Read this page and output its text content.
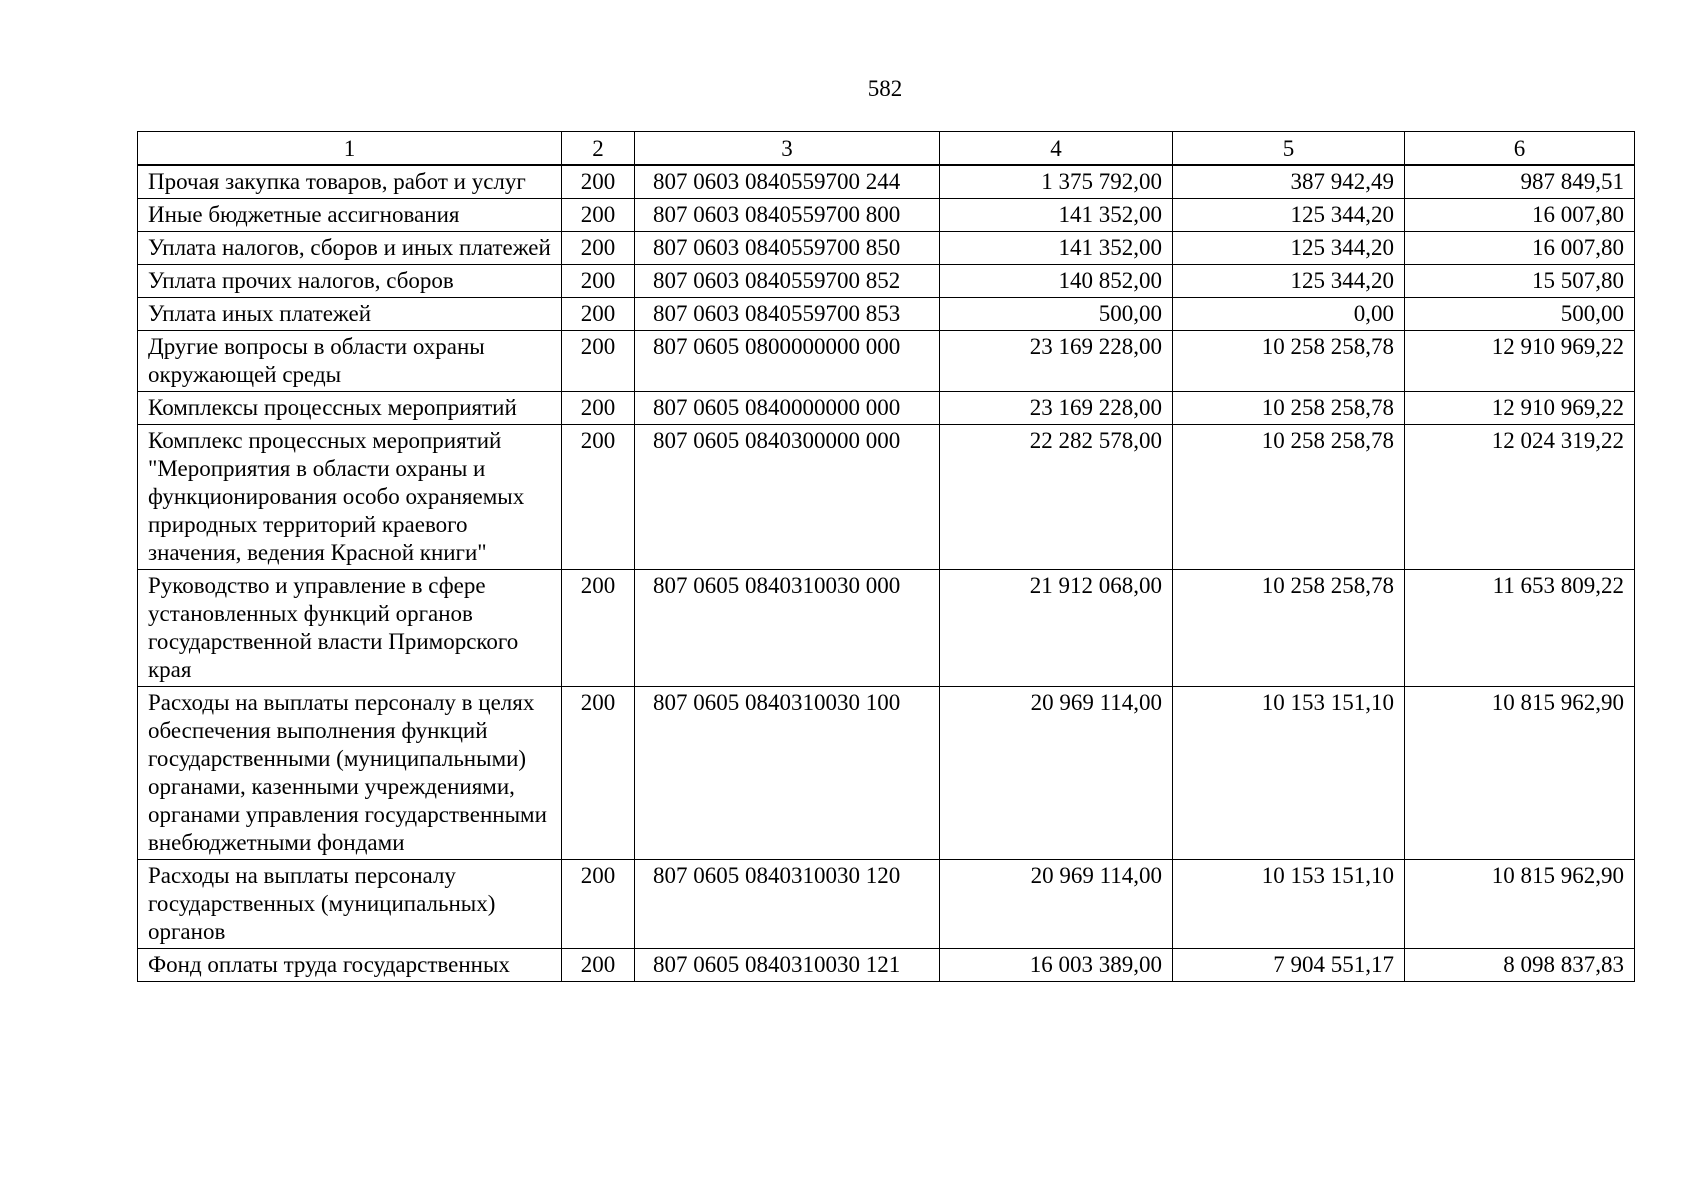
582
1	2	3	4	5	6
Прочая закупка товаров, работ и услуг	200	807 0603 0840559700 244	1 375 792,00	387 942,49	987 849,51
Иные бюджетные ассигнования	200	807 0603 0840559700 800	141 352,00	125 344,20	16 007,80
Уплата налогов, сборов и иных платежей	200	807 0603 0840559700 850	141 352,00	125 344,20	16 007,80
Уплата прочих налогов, сборов	200	807 0603 0840559700 852	140 852,00	125 344,20	15 507,80
Уплата иных платежей	200	807 0603 0840559700 853	500,00	0,00	500,00
Другие вопросы в области охраны окружающей среды	200	807 0605 0800000000 000	23 169 228,00	10 258 258,78	12 910 969,22
Комплексы процессных мероприятий	200	807 0605 0840000000 000	23 169 228,00	10 258 258,78	12 910 969,22
Комплекс процессных мероприятий "Мероприятия в области охраны и функционирования особо охраняемых природных территорий краевого значения, ведения Красной книги"	200	807 0605 0840300000 000	22 282 578,00	10 258 258,78	12 024 319,22
Руководство и управление в сфере установленных функций органов государственной власти Приморского края	200	807 0605 0840310030 000	21 912 068,00	10 258 258,78	11 653 809,22
Расходы на выплаты персоналу в целях обеспечения выполнения функций государственными (муниципальными) органами, казенными учреждениями, органами управления государственными внебюджетными фондами	200	807 0605 0840310030 100	20 969 114,00	10 153 151,10	10 815 962,90
Расходы на выплаты персоналу государственных (муниципальных) органов	200	807 0605 0840310030 120	20 969 114,00	10 153 151,10	10 815 962,90
Фонд оплаты труда государственных	200	807 0605 0840310030 121	16 003 389,00	7 904 551,17	8 098 837,83
